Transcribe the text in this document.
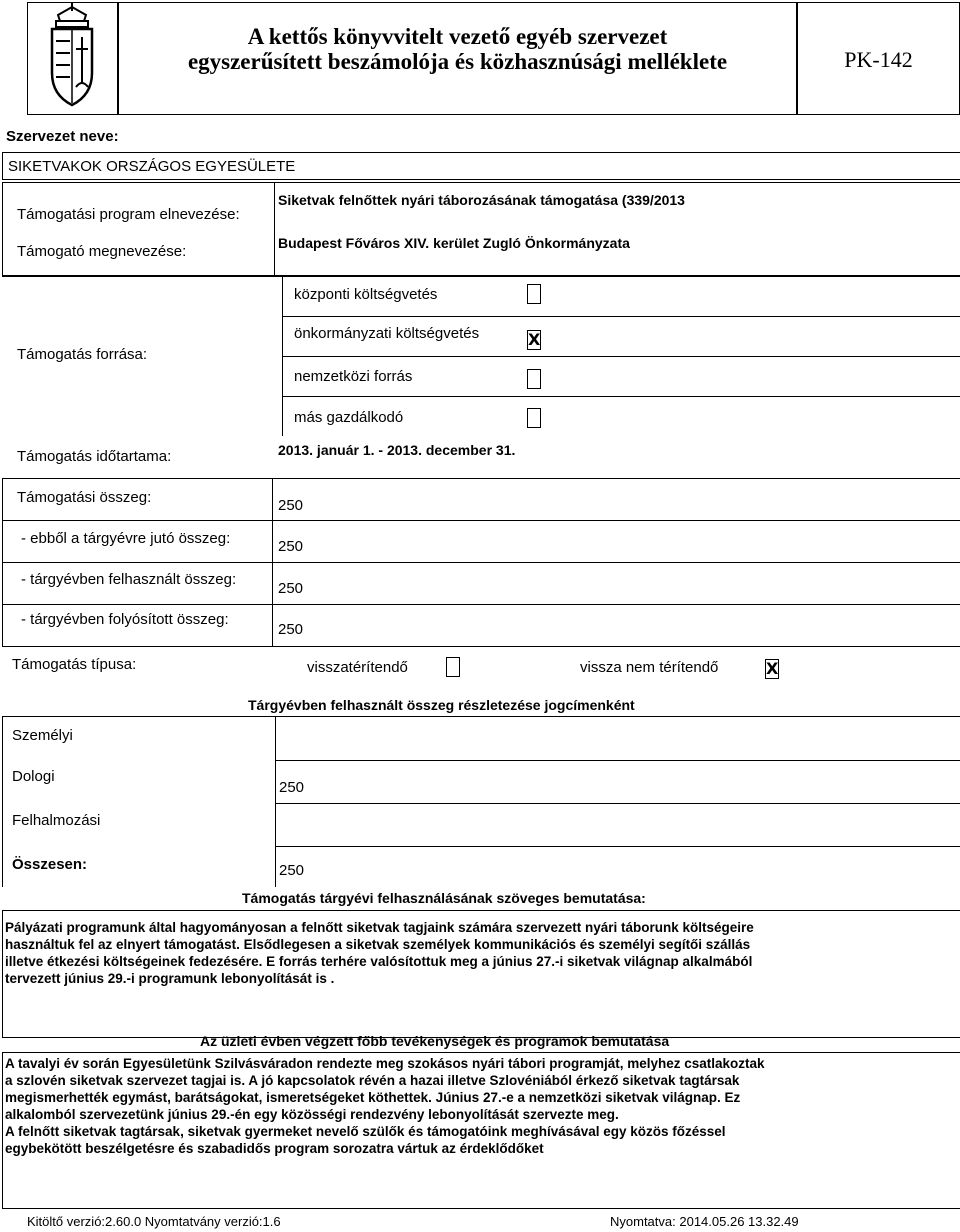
A kettős könyvvitelt vezető egyéb szervezet
egyszerűsített beszámolója és közhasznúsági melléklete	PK-142
Szervezet neve:
SIKETVAKOK ORSZÁGOS EGYESÜLETE
Támogatási program elnevezése:
Siketvak felnőttek nyári táborozásának támogatása (339/2013
Támogató megnevezése:	Budapest Főváros XIV. kerület Zugló Önkormányzata
Támogatás forrása:
központi költségvetés
önkormányzati költségvetés	X
nemzetközi forrás
más gazdálkodó
Támogatás időtartama:	2013. január 1. - 2013. december 31.
Támogatási összeg:	250
- ebből a tárgyévre jutó összeg:	250
- tárgyévben felhasznált összeg:
250
- tárgyévben folyósított összeg:
250
Támogatás típusa:	visszatérítendő	vissza nem térítendő	X
Tárgyévben felhasznált összeg részletezése jogcímenként
Személyi
Dologi
250
Felhalmozási
Összesen:	250
Támogatás tárgyévi felhasználásának szöveges bemutatása:
Pályázati programunk által hagyományosan a felnőtt siketvak tagjaink számára szervezett nyári táborunk költségeire
használtuk fel az elnyert támogatást. Elsődlegesen a siketvak személyek kommunikációs és személyi segítői szállás
illetve étkezési költségeinek fedezésére. E forrás terhére valósítottuk meg a június 27.-i siketvak világnap alkalmából
tervezett június 29.-i programunk lebonyolítását is .
Az üzleti évben végzett főbb tevékenységek és programok bemutatása
A tavalyi év során Egyesületünk Szilvásváradon rendezte meg szokásos nyári tábori programját, melyhez csatlakoztak
a szlovén siketvak szervezet tagjai is. A jó kapcsolatok révén a hazai illetve Szlovéniából érkező siketvak tagtársak
megismerhették egymást, barátságokat, ismeretségeket köthettek. Június 27.-e a nemzetközi siketvak világnap. Ez
alkalomból szervezetünk június 29.-én egy közösségi rendezvény lebonyolítását szervezte meg.
A felnőtt siketvak tagtársak, siketvak gyermeket nevelő szülők és támogatóink meghívásával egy közös főzéssel
egybekötött beszélgetésre és szabadidős program sorozatra vártuk az érdeklődőket
Kitöltő verzió:2.60.0 Nyomtatvány verzió:1.6	Nyomtatva: 2014.05.26 13.32.49
